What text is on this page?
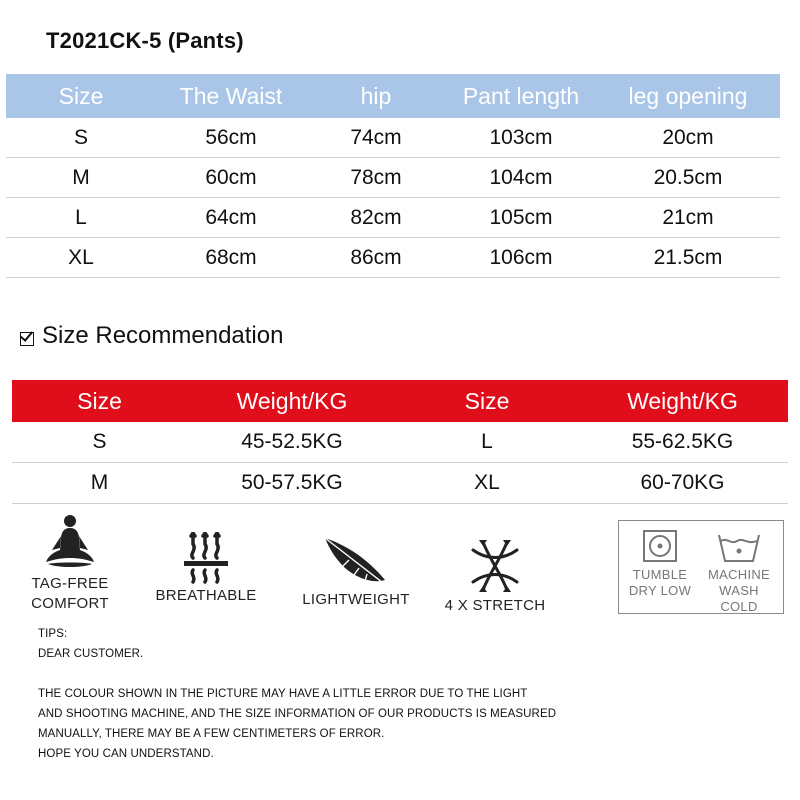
T2021CK-5 (Pants)
Size	The Waist	hip	Pant length	leg opening
S	56cm	74cm	103cm	20cm
M	60cm	78cm	104cm	20.5cm
L	64cm	82cm	105cm	21cm
XL	68cm	86cm	106cm	21.5cm
Size Recommendation
Size	Weight/KG	Size	Weight/KG
S	45-52.5KG	L	55-62.5KG
M	50-57.5KG	XL	60-70KG
TAG-FREE
COMFORT	BREATHABLE	LIGHTWEIGHT	4 X STRETCH
TUMBLE
DRY LOW
MACHINE
WASH COLD
TIPS:
DEAR CUSTOMER.
THE COLOUR SHOWN IN THE PICTURE MAY HAVE A LITTLE ERROR DUE TO THE LIGHT
AND SHOOTING MACHINE, AND THE SIZE INFORMATION OF OUR PRODUCTS IS MEASURED
MANUALLY, THERE MAY BE A FEW CENTIMETERS OF ERROR.
HOPE YOU CAN UNDERSTAND.
